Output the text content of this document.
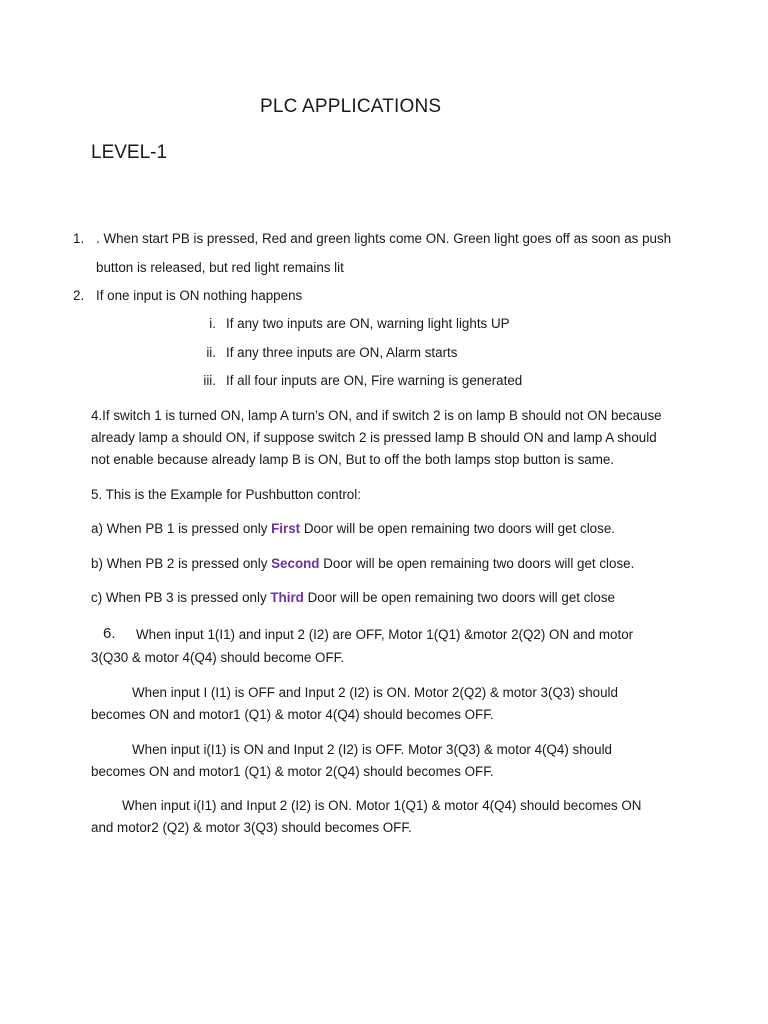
PLC APPLICATIONS
LEVEL-1
1. . When start PB is pressed, Red and green lights come ON. Green light goes off as soon as push
button is released, but red light remains lit
2. If one input is ON nothing happens
i. If any two inputs are ON, warning light lights UP
ii. If any three inputs are ON, Alarm starts
iii. If all four inputs are ON, Fire warning is generated
4.If switch 1 is turned ON, lamp A turn’s ON, and if switch 2 is on lamp B should not ON because
already lamp a should ON, if suppose switch 2 is pressed lamp B should ON and lamp A should
not enable because already lamp B is ON, But to off the both lamps stop button is same.
5. This is the Example for Pushbutton control:
a) When PB 1 is pressed only First Door will be open remaining two doors will get close.
b) When PB 2 is pressed only Second Door will be open remaining two doors will get close.
c) When PB 3 is pressed only Third Door will be open remaining two doors will get close
6. When input 1(I1) and input 2 (I2) are OFF, Motor 1(Q1) &motor 2(Q2) ON and motor
3(Q30 & motor 4(Q4) should become OFF.
When input I (I1) is OFF and Input 2 (I2) is ON. Motor 2(Q2) & motor 3(Q3) should
becomes ON and motor1 (Q1) & motor 4(Q4) should becomes OFF.
When input i(I1) is ON and Input 2 (I2) is OFF. Motor 3(Q3) & motor 4(Q4) should
becomes ON and motor1 (Q1) & motor 2(Q4) should becomes OFF.
When input i(I1) and Input 2 (I2) is ON. Motor 1(Q1) & motor 4(Q4) should becomes ON
and motor2 (Q2) & motor 3(Q3) should becomes OFF.
